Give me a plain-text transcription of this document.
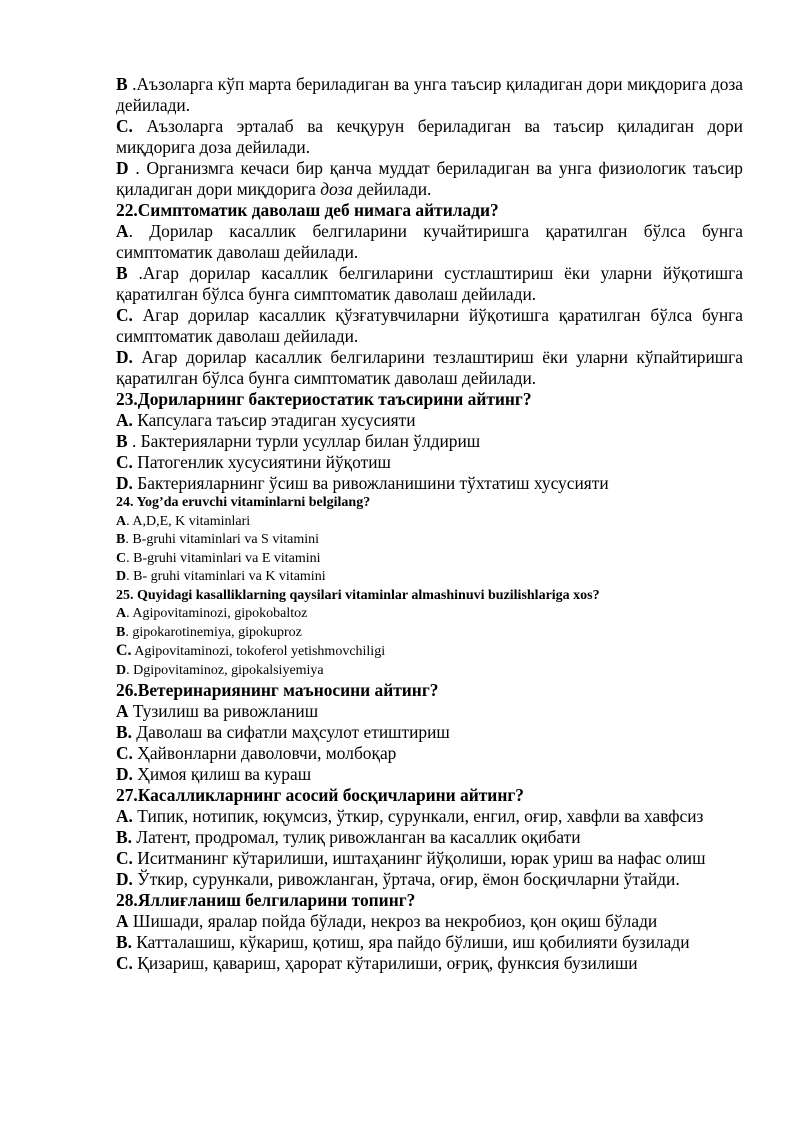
B .Аъзоларга кўп марта бериладиган ва унга таъсир қиладиган дори миқдорига доза дейилади.

C. Аъзоларга эрталаб ва кечқурун бериладиган ва таъсир қиладиган дори миқдорига доза дейилади.

D . Организмга кечаси бир қанча муддат бериладиган ва унга физиологик таъсир қиладиган дори миқдорига доза дейилади.

22.Симптоматик даволаш деб нимага айтилади?

A. Дорилар касаллик белгиларини кучайтиришга қаратилган бўлса бунга симптоматик даволаш дейилади.

B .Агар дорилар касаллик белгиларини сустлаштириш ёки уларни йўқотишга қаратилган бўлса бунга симптоматик даволаш дейилади.

C. Агар дорилар касаллик қўзғатувчиларни йўқотишга қаратилган бўлса бунга симптоматик даволаш дейилади.

D. Агар дорилар касаллик белгиларини тезлаштириш ёки уларни кўпайтиришга қаратилган бўлса бунга симптоматик даволаш дейилади.

23.Дориларнинг бактериостатик таъсирини айтинг?

A. Капсулага таъсир этадиган хусусияти

B . Бактерияларни турли усуллар билан ўлдириш

C. Патогенлик хусусиятини йўқотиш

D. Бактерияларнинг ўсиш ва ривожланишини тўхтатиш хусусияти

24. Yog’da eruvchi vitaminlarni belgilang?

A. A,D,E, K vitaminlari

B. B-gruhi vitaminlari va S vitamini

C. B-gruhi vitaminlari va E vitamini

D. B- gruhi vitaminlari va K vitamini

25. Quyidagi kasalliklarning qaysilari vitaminlar almashinuvi buzilishlariga xos?

A. Agipovitaminozi, gipokobaltoz

B. gipokarotinemiya, gipokuproz

C. Agipovitaminozi, tokoferol yetishmovchiligi

D. Dgipovitaminoz, gipokalsiyemiya

26.Ветеринариянинг маъносини айтинг?

A Тузилиш ва ривожланиш

B. Даволаш ва сифатли маҳсулот етиштириш

C. Ҳайвонларни даволовчи, молбоқар

D. Ҳимоя қилиш ва кураш

27.Касалликларнинг асосий босқичларини айтинг?

A. Типик, нотипик, юқумсиз, ўткир, сурункали, енгил, оғир, хавфли ва хавфсиз

B. Латент, продромал, тулиқ ривожланган ва касаллик оқибати

C. Иситманинг кўтарилиши, иштаҳанинг йўқолиши, юрак уриш ва нафас олиш

D. Ўткир, сурункали, ривожланган, ўртача, оғир, ёмон босқичларни ўтайди.

28.Яллиғланиш белгиларини топинг?

A Шишади, яралар пойда бўлади, некроз ва некробиоз, қон оқиш бўлади

B. Катталашиш, кўкариш, қотиш, яра пайдо бўлиши, иш қобилияти бузилади

C. Қизариш, қавариш, ҳарорат кўтарилиши, оғриқ, функсия бузилиши
